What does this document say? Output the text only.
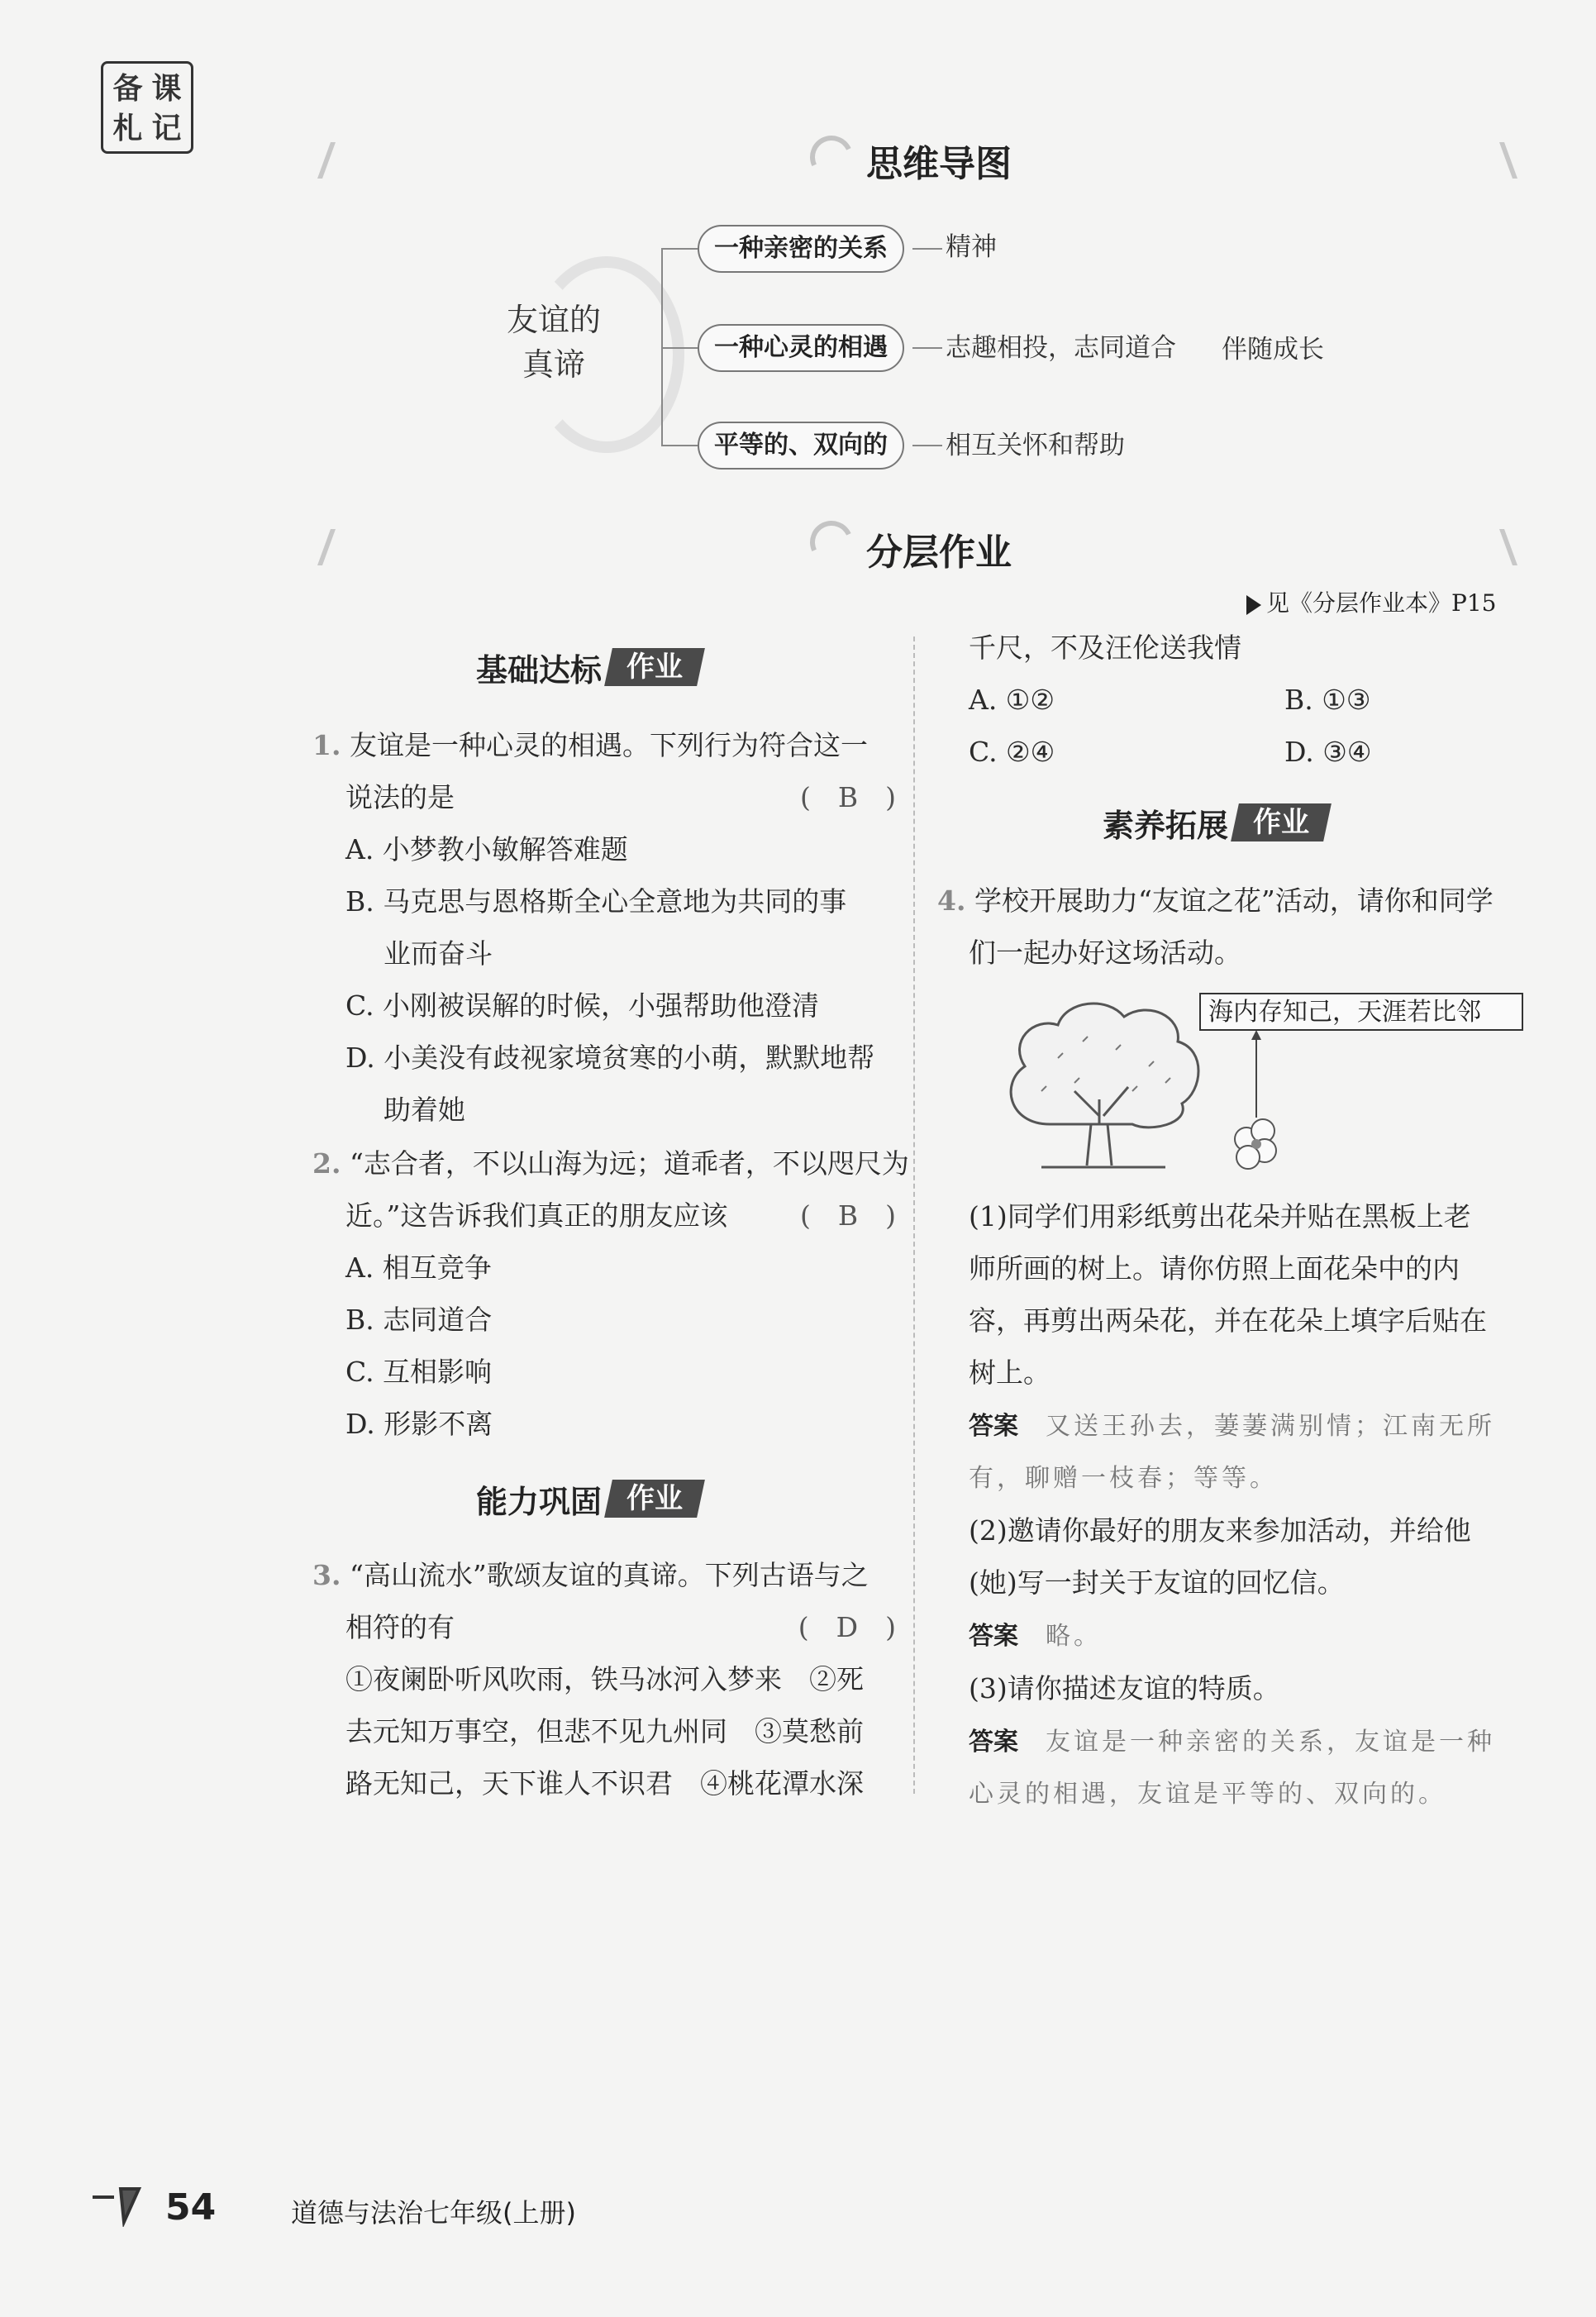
备 课
札 记
思维导图
友谊的
真谛
一种亲密的关系
一种心灵的相遇
平等的、双向的
精神
志趣相投，志同道合 伴随成长
相互关怀和帮助
分层作业
见《分层作业本》P15
基础达标 作业
1. 友谊是一种心灵的相遇。下列行为符合这一
说法的是	(　B　)
A. 小梦教小敏解答难题
B. 马克思与恩格斯全心全意地为共同的事
业而奋斗
C. 小刚被误解的时候，小强帮助他澄清
D. 小美没有歧视家境贫寒的小萌，默默地帮
助着她
2. “志合者，不以山海为远；道乖者，不以咫尺为
近。”这告诉我们真正的朋友应该	(　B　)
A. 相互竞争
B. 志同道合
C. 互相影响
D. 形影不离
能力巩固 作业
3. “高山流水”歌颂友谊的真谛。下列古语与之
相符的有	(　D　)
①夜阑卧听风吹雨，铁马冰河入梦来　②死
去元知万事空，但悲不见九州同　③莫愁前
路无知己，天下谁人不识君　④桃花潭水深
千尺，不及汪伦送我情
A. ①②	B. ①③
C. ②④	D. ③④
素养拓展 作业
4. 学校开展助力“友谊之花”活动，请你和同学
们一起办好这场活动。
海内存知己，天涯若比邻
(1)同学们用彩纸剪出花朵并贴在黑板上老
师所画的树上。请你仿照上面花朵中的内
容，再剪出两朵花，并在花朵上填字后贴在
树上。
答案　 又送王孙去，萋萋满别情；江南无所
有，聊赠一枝春；等等。
(2)邀请你最好的朋友来参加活动，并给他
(她)写一封关于友谊的回忆信。
答案　 略。
(3)请你描述友谊的特质。
答案　 友谊是一种亲密的关系，友谊是一种
心灵的相遇，友谊是平等的、双向的。
54	道德与法治七年级(上册)
